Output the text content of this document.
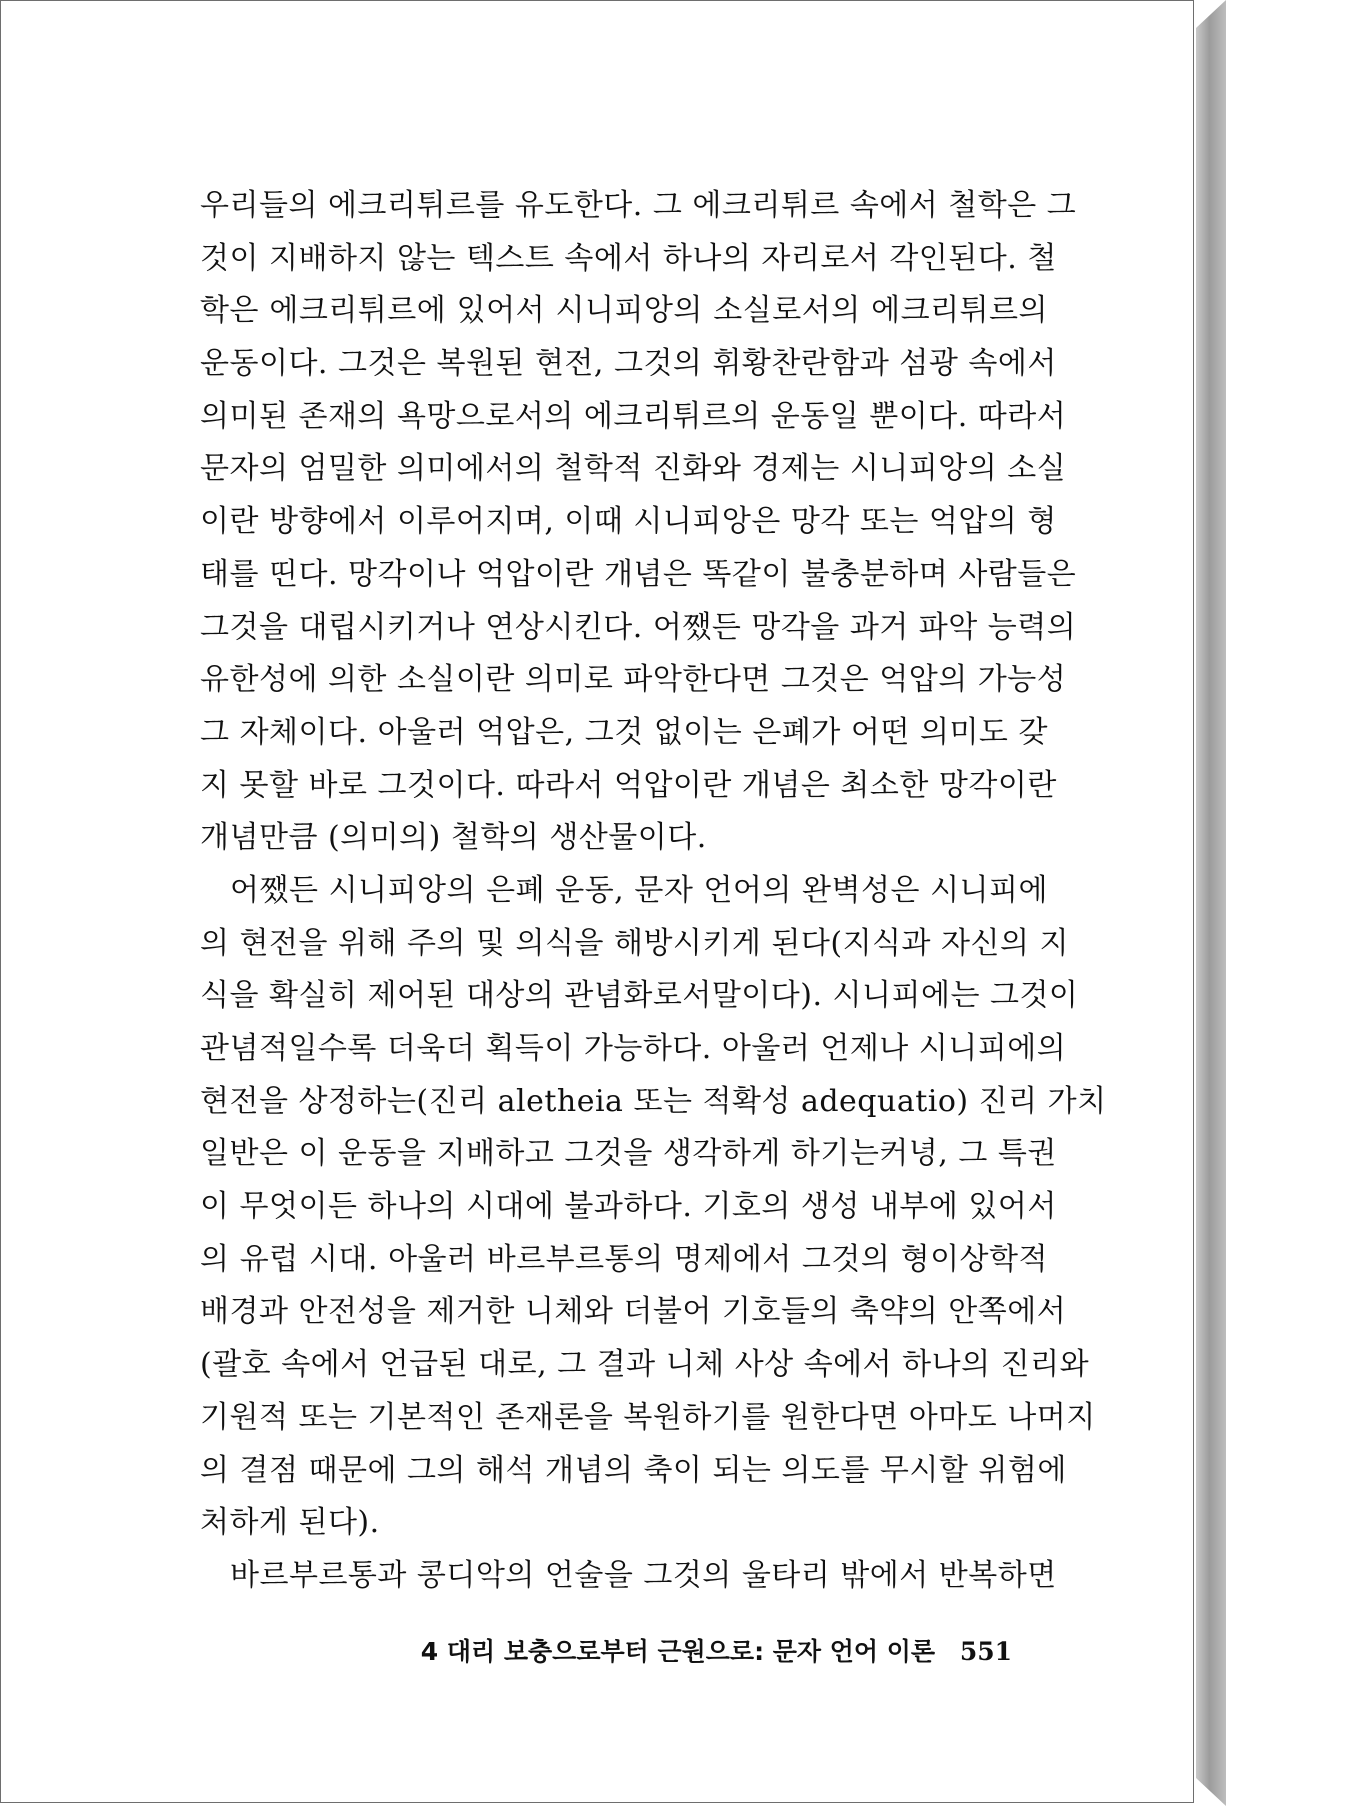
우리들의 에크리튀르를 유도한다. 그 에크리튀르 속에서 철학은 그
것이 지배하지 않는 텍스트 속에서 하나의 자리로서 각인된다. 철
학은 에크리튀르에 있어서 시니피앙의 소실로서의 에크리튀르의
운동이다. 그것은 복원된 현전, 그것의 휘황찬란함과 섬광 속에서
의미된 존재의 욕망으로서의 에크리튀르의 운동일 뿐이다. 따라서
문자의 엄밀한 의미에서의 철학적 진화와 경제는 시니피앙의 소실
이란 방향에서 이루어지며, 이때 시니피앙은 망각 또는 억압의 형
태를 띤다. 망각이나 억압이란 개념은 똑같이 불충분하며 사람들은
그것을 대립시키거나 연상시킨다. 어쨌든 망각을 과거 파악 능력의
유한성에 의한 소실이란 의미로 파악한다면 그것은 억압의 가능성
그 자체이다. 아울러 억압은, 그것 없이는 은폐가 어떤 의미도 갖
지 못할 바로 그것이다. 따라서 억압이란 개념은 최소한 망각이란
개념만큼 (의미의) 철학의 생산물이다.
어쨌든 시니피앙의 은폐 운동, 문자 언어의 완벽성은 시니피에
의 현전을 위해 주의 및 의식을 해방시키게 된다(지식과 자신의 지
식을 확실히 제어된 대상의 관념화로서말이다). 시니피에는 그것이
관념적일수록 더욱더 획득이 가능하다. 아울러 언제나 시니피에의
현전을 상정하는(진리 aletheia 또는 적확성 adequatio) 진리 가치
일반은 이 운동을 지배하고 그것을 생각하게 하기는커녕, 그 특권
이 무엇이든 하나의 시대에 불과하다. 기호의 생성 내부에 있어서
의 유럽 시대. 아울러 바르부르통의 명제에서 그것의 형이상학적
배경과 안전성을 제거한 니체와 더불어 기호들의 축약의 안쪽에서
(괄호 속에서 언급된 대로, 그 결과 니체 사상 속에서 하나의 진리와
기원적 또는 기본적인 존재론을 복원하기를 원한다면 아마도 나머지
의 결점 때문에 그의 해석 개념의 축이 되는 의도를 무시할 위험에
처하게 된다).
바르부르통과 콩디악의 언술을 그것의 울타리 밖에서 반복하면
4 대리 보충으로부터 근원으로: 문자 언어 이론 551
